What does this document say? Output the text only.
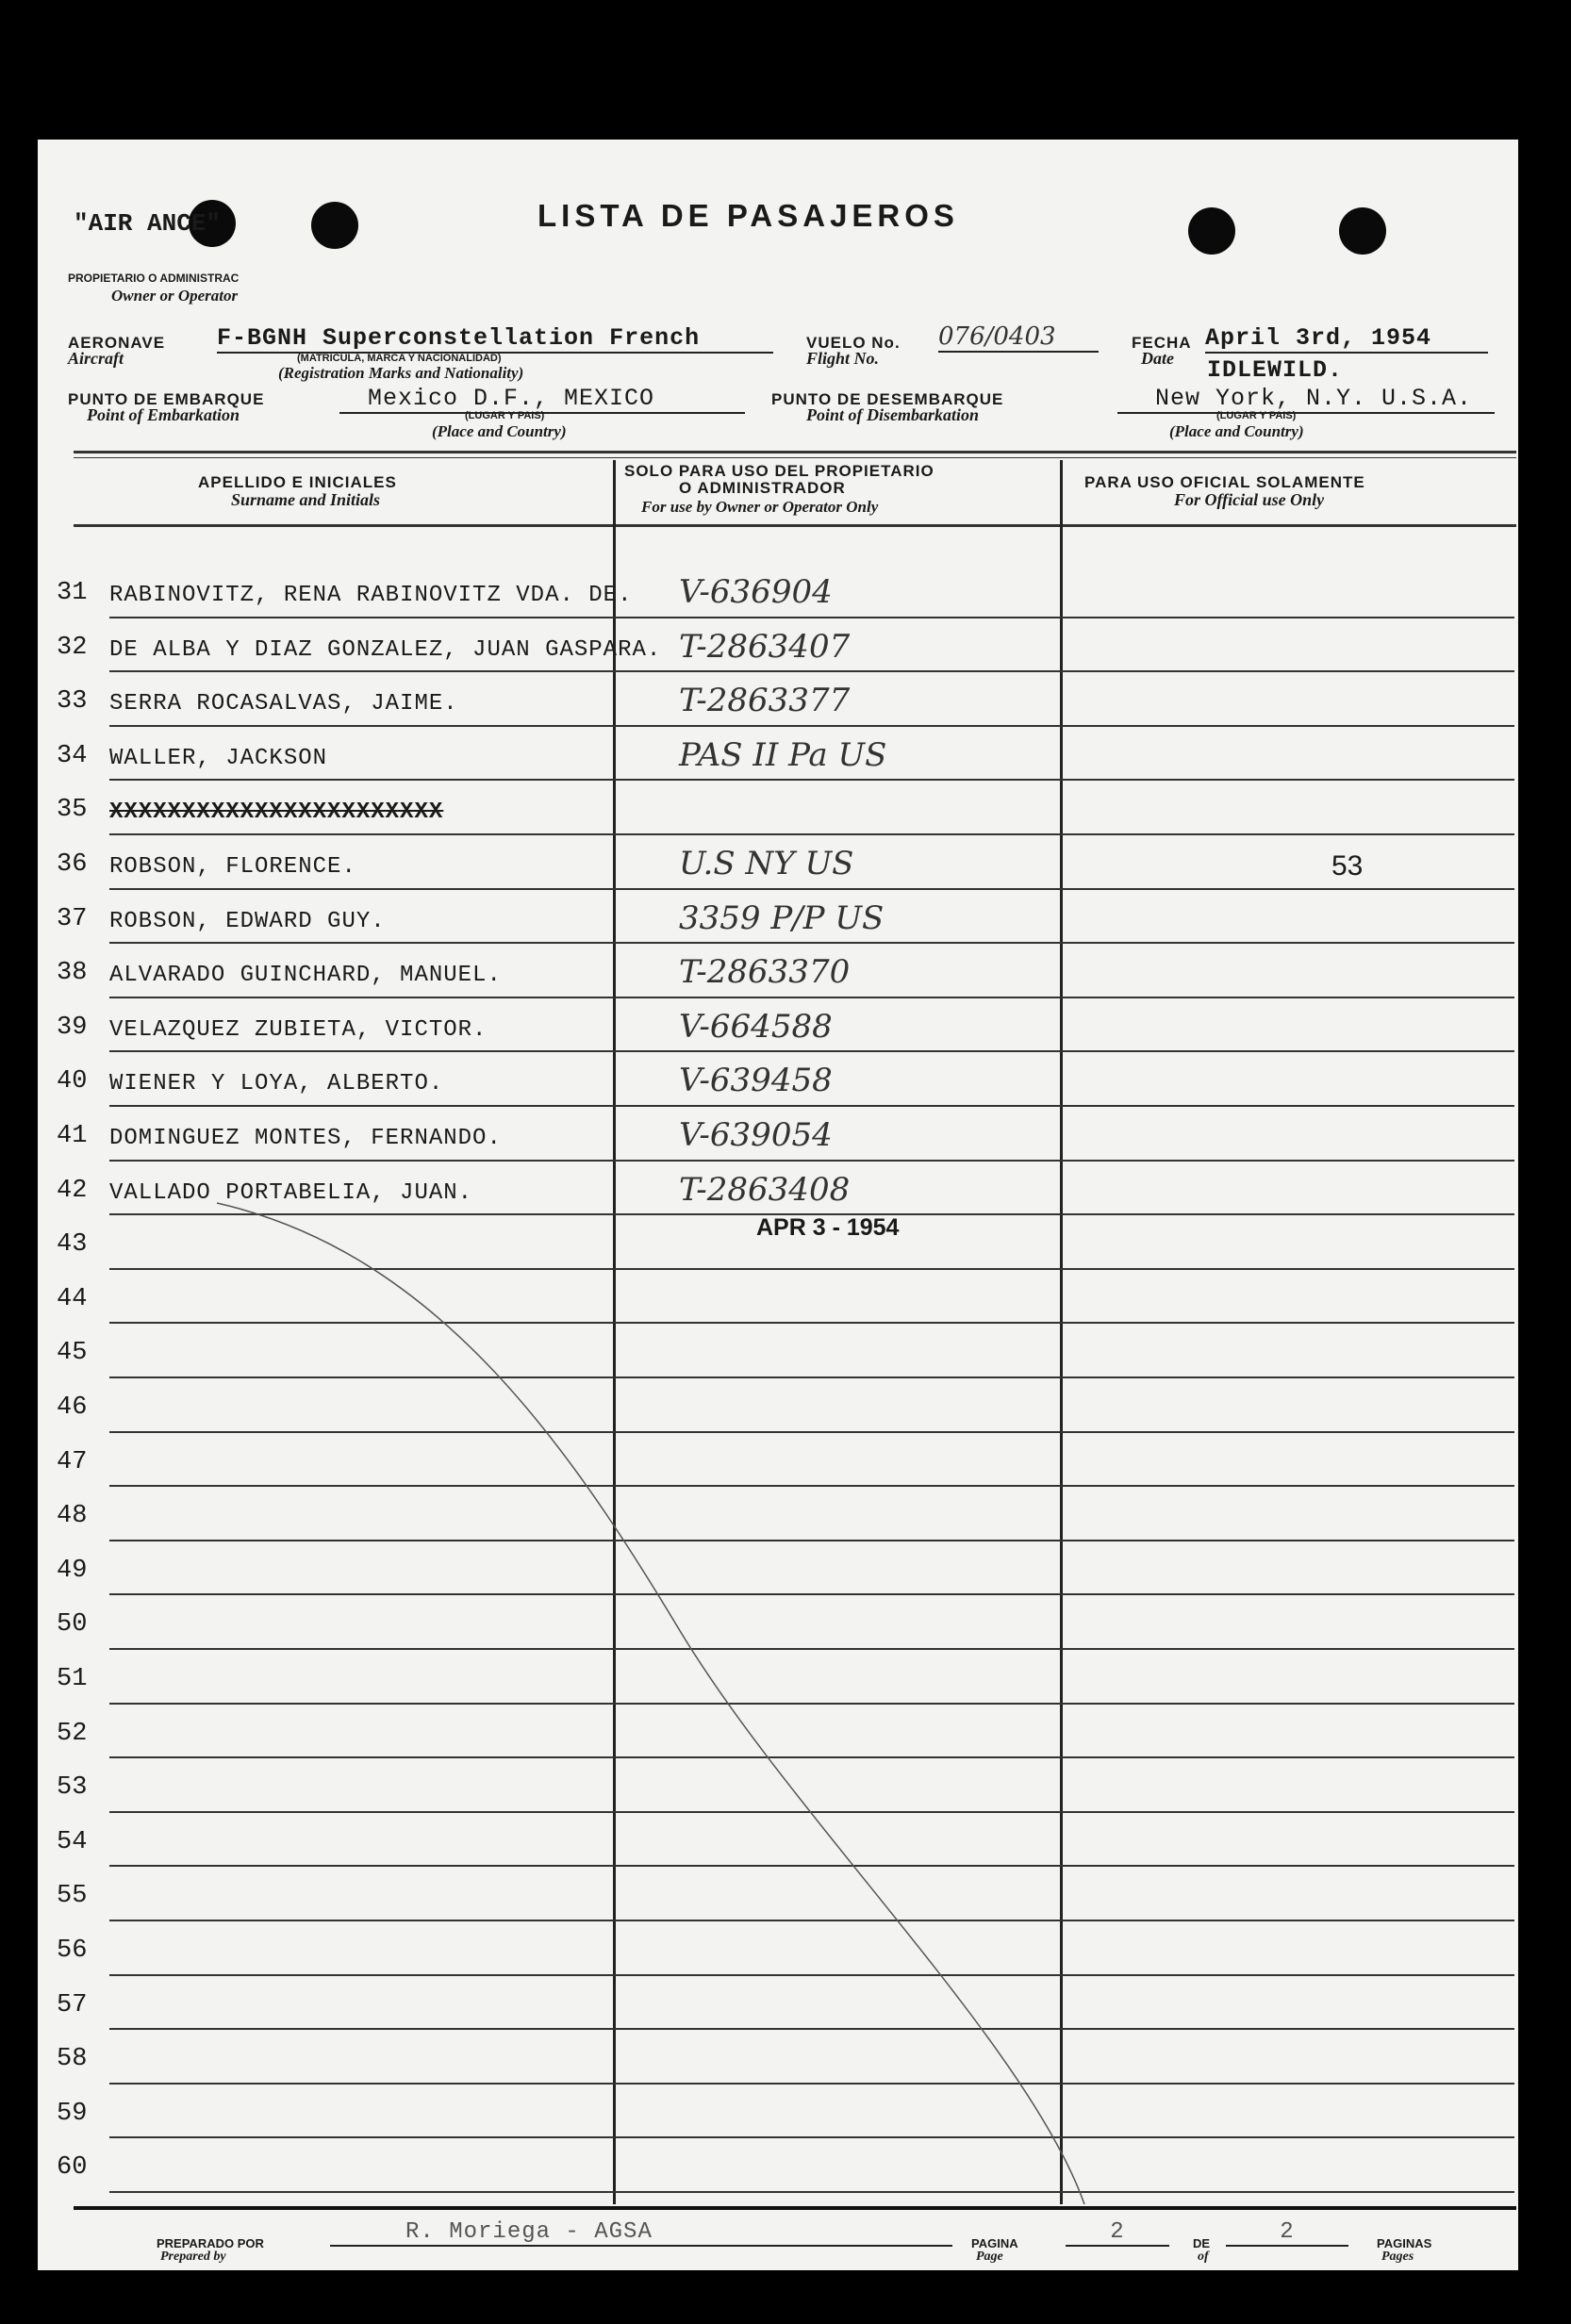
"AIR ANCE"	LISTA DE PASAJEROS
PROPIETARIO O ADMINISTRAC
Owner or Operator
AERONAVE
Aircraft
F-BGNH Superconstellation French
(MATRICULA, MARCA Y NACIONALIDAD)
(Registration Marks and Nationality)
VUELO No.
Flight No.
076/0403	FECHA
Date
April 3rd, 1954
IDLEWILD.
PUNTO DE EMBARQUE
Point of Embarkation
Mexico D.F., MEXICO
(LUGAR Y PAIS)
(Place and Country)
PUNTO DE DESEMBARQUE
Point of Disembarkation
New York, N.Y. U.S.A.
(LUGAR Y PAIS)
(Place and Country)
APELLIDO E INICIALES
Surname and Initials
SOLO PARA USO DEL PROPIETARIO
O ADMINISTRADOR
For use by Owner or Operator Only
PARA USO OFICIAL SOLAMENTE
For Official use Only
31 RABINOVITZ, RENA RABINOVITZ VDA. DE. V-636904
32 DE ALBA Y DIAZ GONZALEZ, JUAN GASPARA. T-2863407
33 SERRA ROCASALVAS, JAIME.	T-2863377
34 WALLER, JACKSON	PAS II Pa US
35 XXXXXXXXXXXXXXXXXXXXXXX
36 ROBSON, FLORENCE.	U.S NY US	53
37 ROBSON, EDWARD GUY.	3359 P/P US
38 ALVARADO GUINCHARD, MANUEL.	T-2863370
39 VELAZQUEZ ZUBIETA, VICTOR.	V-664588
40 WIENER Y LOYA, ALBERTO.	V-639458
41 DOMINGUEZ MONTES, FERNANDO.	V-639054
42 VALLADO PORTABELIA, JUAN.	T-2863408
43
44
45
46
47
48
49
50
51
52
53
54
55
56
57
58
59
60
APR 3 - 1954
PREPARADO POR
Prepared by
R. Moriega - AGSA	PAGINA
Page
2	DE
of
2	PAGINAS
Pages
